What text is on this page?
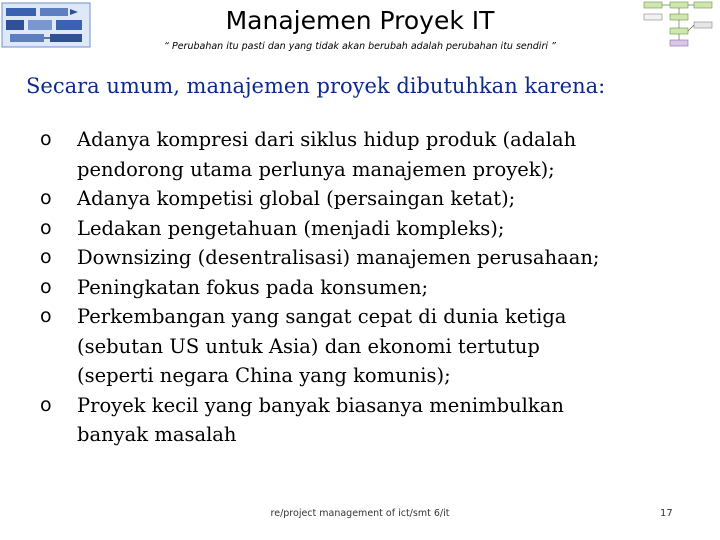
Manajemen Proyek IT
“ Perubahan itu pasti dan yang tidak akan berubah adalah perubahan itu sendiri ”
Secara umum, manajemen proyek dibutuhkan karena:
o Adanya kompresi dari siklus hidup produk (adalah
pendorong utama perlunya manajemen proyek);
o Adanya kompetisi global (persaingan ketat);
o Ledakan pengetahuan (menjadi kompleks);
o Downsizing (desentralisasi) manajemen perusahaan;
o Peningkatan fokus pada konsumen;
o Perkembangan yang sangat cepat di dunia ketiga
(sebutan US untuk Asia) dan ekonomi tertutup
(seperti negara China yang komunis);
o Proyek kecil yang banyak biasanya menimbulkan
banyak masalah
re/project management of ict/smt 6/it	17
